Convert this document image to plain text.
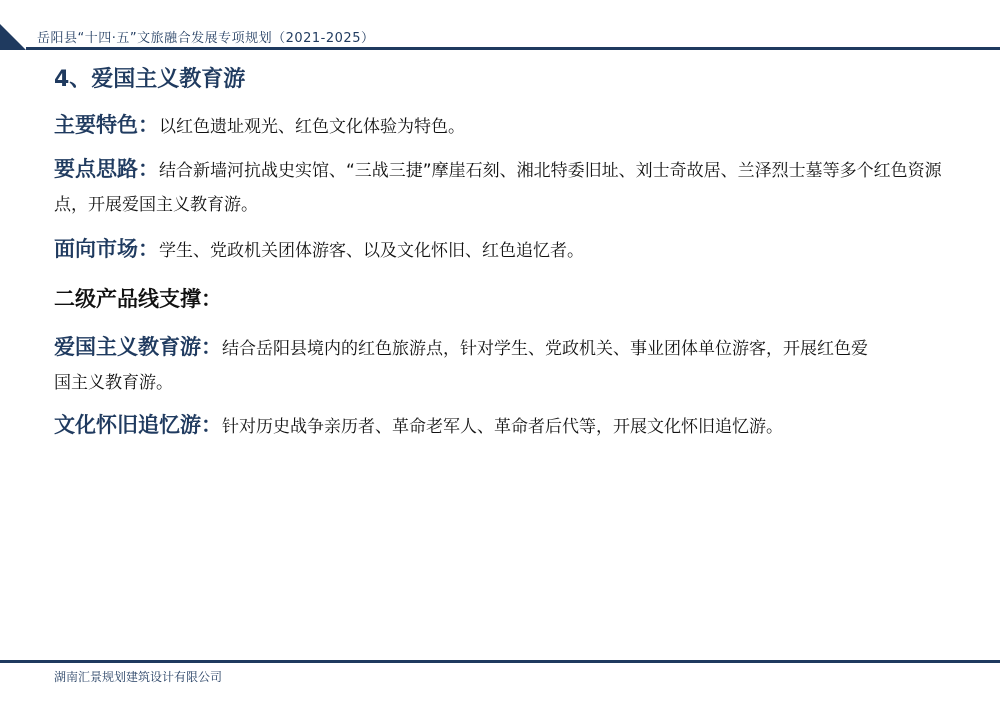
岳阳县“十四·五”文旅融合发展专项规划（2021-2025）
4、爱国主义教育游
主要特色：以红色遗址观光、红色文化体验为特色。
要点思路：结合新墙河抗战史实馆、“三战三捷”摩崖石刻、湘北特委旧址、刘士奇故居、兰泽烈士墓等多个红色资源点，开展爱国主义教育游。
面向市场：学生、党政机关团体游客、以及文化怀旧、红色追忆者。
二级产品线支撑：
爱国主义教育游：结合岳阳县境内的红色旅游点，针对学生、党政机关、事业团体单位游客，开展红色爱国主义教育游。
文化怀旧追忆游：针对历史战争亲历者、革命老军人、革命者后代等，开展文化怀旧追忆游。
湖南汇景规划建筑设计有限公司
